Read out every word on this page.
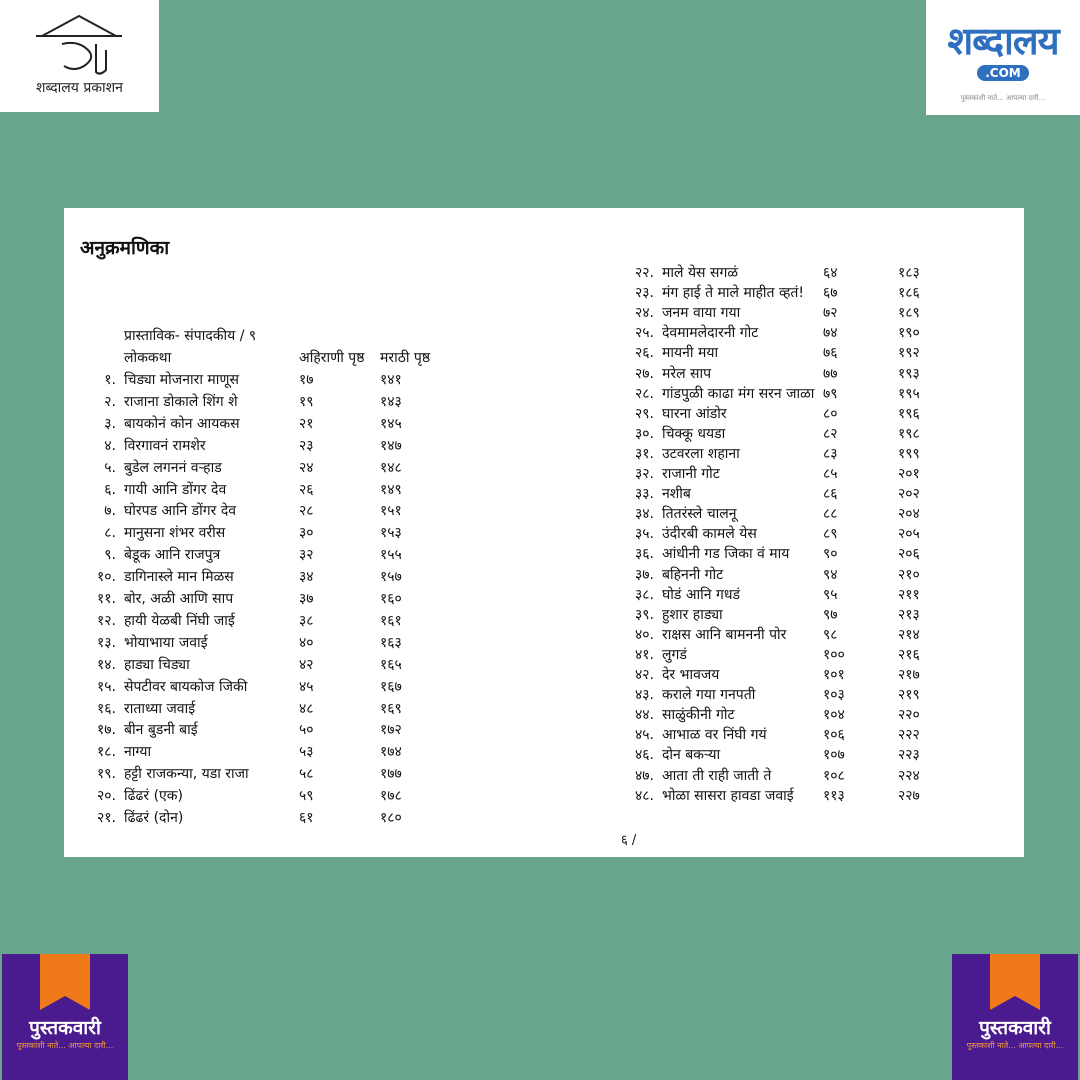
शब्दालय प्रकाशन
शब्दालय
.COM
पुस्तकांशी नाते... आपल्या दारी...
पुस्तकवारी
पुस्तकांशी नाते... आपल्या दारी...
पुस्तकवारी
पुस्तकांशी नाते... आपल्या दारी...
अनुक्रमणिका
प्रास्ताविक- संपादकीय / ९
लोककथा	अहिराणी पृष्ठ मराठी पृष्ठ
१. चिड्या मोजनारा माणूस	१७	१४१
२. राजाना डोकाले शिंग शे	१९	१४३
३. बायकोनं कोन आयकस	२१	१४५
४. विरगावनं रामशेर	२३	१४७
५. बुडेल लगननं वऱ्हाड	२४	१४८
६. गायी आनि डोंगर देव	२६	१४९
७. घोरपड आनि डोंगर देव	२८	१५१
८. मानुसना शंभर वरीस	३०	१५३
९. बेडूक आनि राजपुत्र	३२	१५५
१०. डागिनास्ले मान मिळस	३४	१५७
११. बोर, अळी आणि साप	३७	१६०
१२. हायी येळबी निंघी जाई	३८	१६१
१३. भोयाभाया जवाई	४०	१६३
१४. हाड्या चिड्या	४२	१६५
१५. सेपटीवर बायकोज जिकी	४५	१६७
१६. राताध्या जवाई	४८	१६९
१७. बीन बुडनी बाई	५०	१७२
१८. नाग्या	५३	१७४
१९. हट्टी राजकन्या, यडा राजा	५८	१७७
२०. ढिंढरं (एक)	५९	१७८
२१. ढिंढरं (दोन)	६१	१८०
२२. माले येस सगळं	६४	१८३
२३. मंग हाई ते माले माहीत व्हतं! ६७	१८६
२४. जनम वाया गया	७२	१८९
२५. देवमामलेदारनी गोट	७४	१९०
२६. मायनी मया	७६	१९२
२७. मरेल साप	७७	१९३
२८. गांडपुळी काढा मंग सरन जाळा ७९	१९५
२९. घारना आंडोर	८०	१९६
३०. चिक्कू धयडा	८२	१९८
३१. उटवरला शहाना	८३	१९९
३२. राजानी गोट	८५	२०१
३३. नशीब	८६	२०२
३४. तितरंस्ले चालनू	८८	२०४
३५. उंदीरबी कामले येस	८९	२०५
३६. आंधीनी गड जिका वं माय ९०	२०६
३७. बहिननी गोट	९४	२१०
३८. घोडं आनि गधडं	९५	२११
३९. हुशार हाड्या	९७	२१३
४०. राक्षस आनि बामननी पोर	९८	२१४
४१. लुगडं	१००	२१६
४२. देर भावजय	१०१	२१७
४३. कराले गया गनपती	१०३	२१९
४४. साळुंकीनी गोट	१०४	२२०
४५. आभाळ वर निंघी गयं	१०६	२२२
४६. दोन बकऱ्या	१०७	२२३
४७. आता ती राही जाती ते	१०८	२२४
४८. भोळा सासरा हावडा जवाई ११३	२२७
६ /
